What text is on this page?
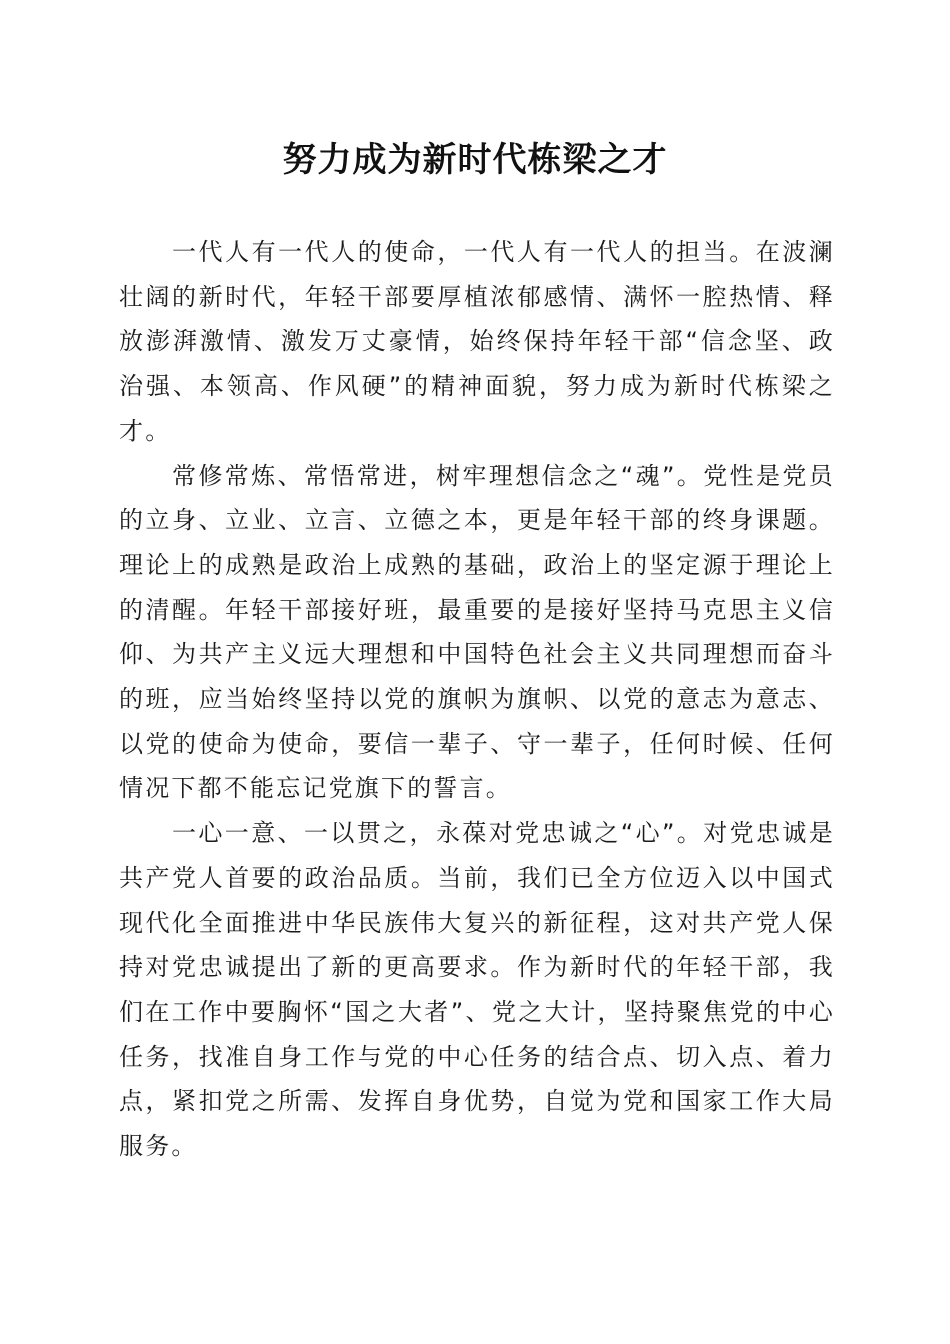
努力成为新时代栋梁之才

一代人有一代人的使命，一代人有一代人的担当。在波澜壮阔的新时代，年轻干部要厚植浓郁感情、满怀一腔热情、释放澎湃激情、激发万丈豪情，始终保持年轻干部“信念坚、政治强、本领高、作风硬”的精神面貌，努力成为新时代栋梁之才。

常修常炼、常悟常进，树牢理想信念之“魂”。党性是党员的立身、立业、立言、立德之本，更是年轻干部的终身课题。理论上的成熟是政治上成熟的基础，政治上的坚定源于理论上的清醒。年轻干部接好班，最重要的是接好坚持马克思主义信仰、为共产主义远大理想和中国特色社会主义共同理想而奋斗的班，应当始终坚持以党的旗帜为旗帜、以党的意志为意志、以党的使命为使命，要信一辈子、守一辈子，任何时候、任何情况下都不能忘记党旗下的誓言。

一心一意、一以贯之，永葆对党忠诚之“心”。对党忠诚是共产党人首要的政治品质。当前，我们已全方位迈入以中国式现代化全面推进中华民族伟大复兴的新征程，这对共产党人保持对党忠诚提出了新的更高要求。作为新时代的年轻干部，我们在工作中要胸怀“国之大者”、党之大计，坚持聚焦党的中心任务，找准自身工作与党的中心任务的结合点、切入点、着力点，紧扣党之所需、发挥自身优势，自觉为党和国家工作大局服务。
